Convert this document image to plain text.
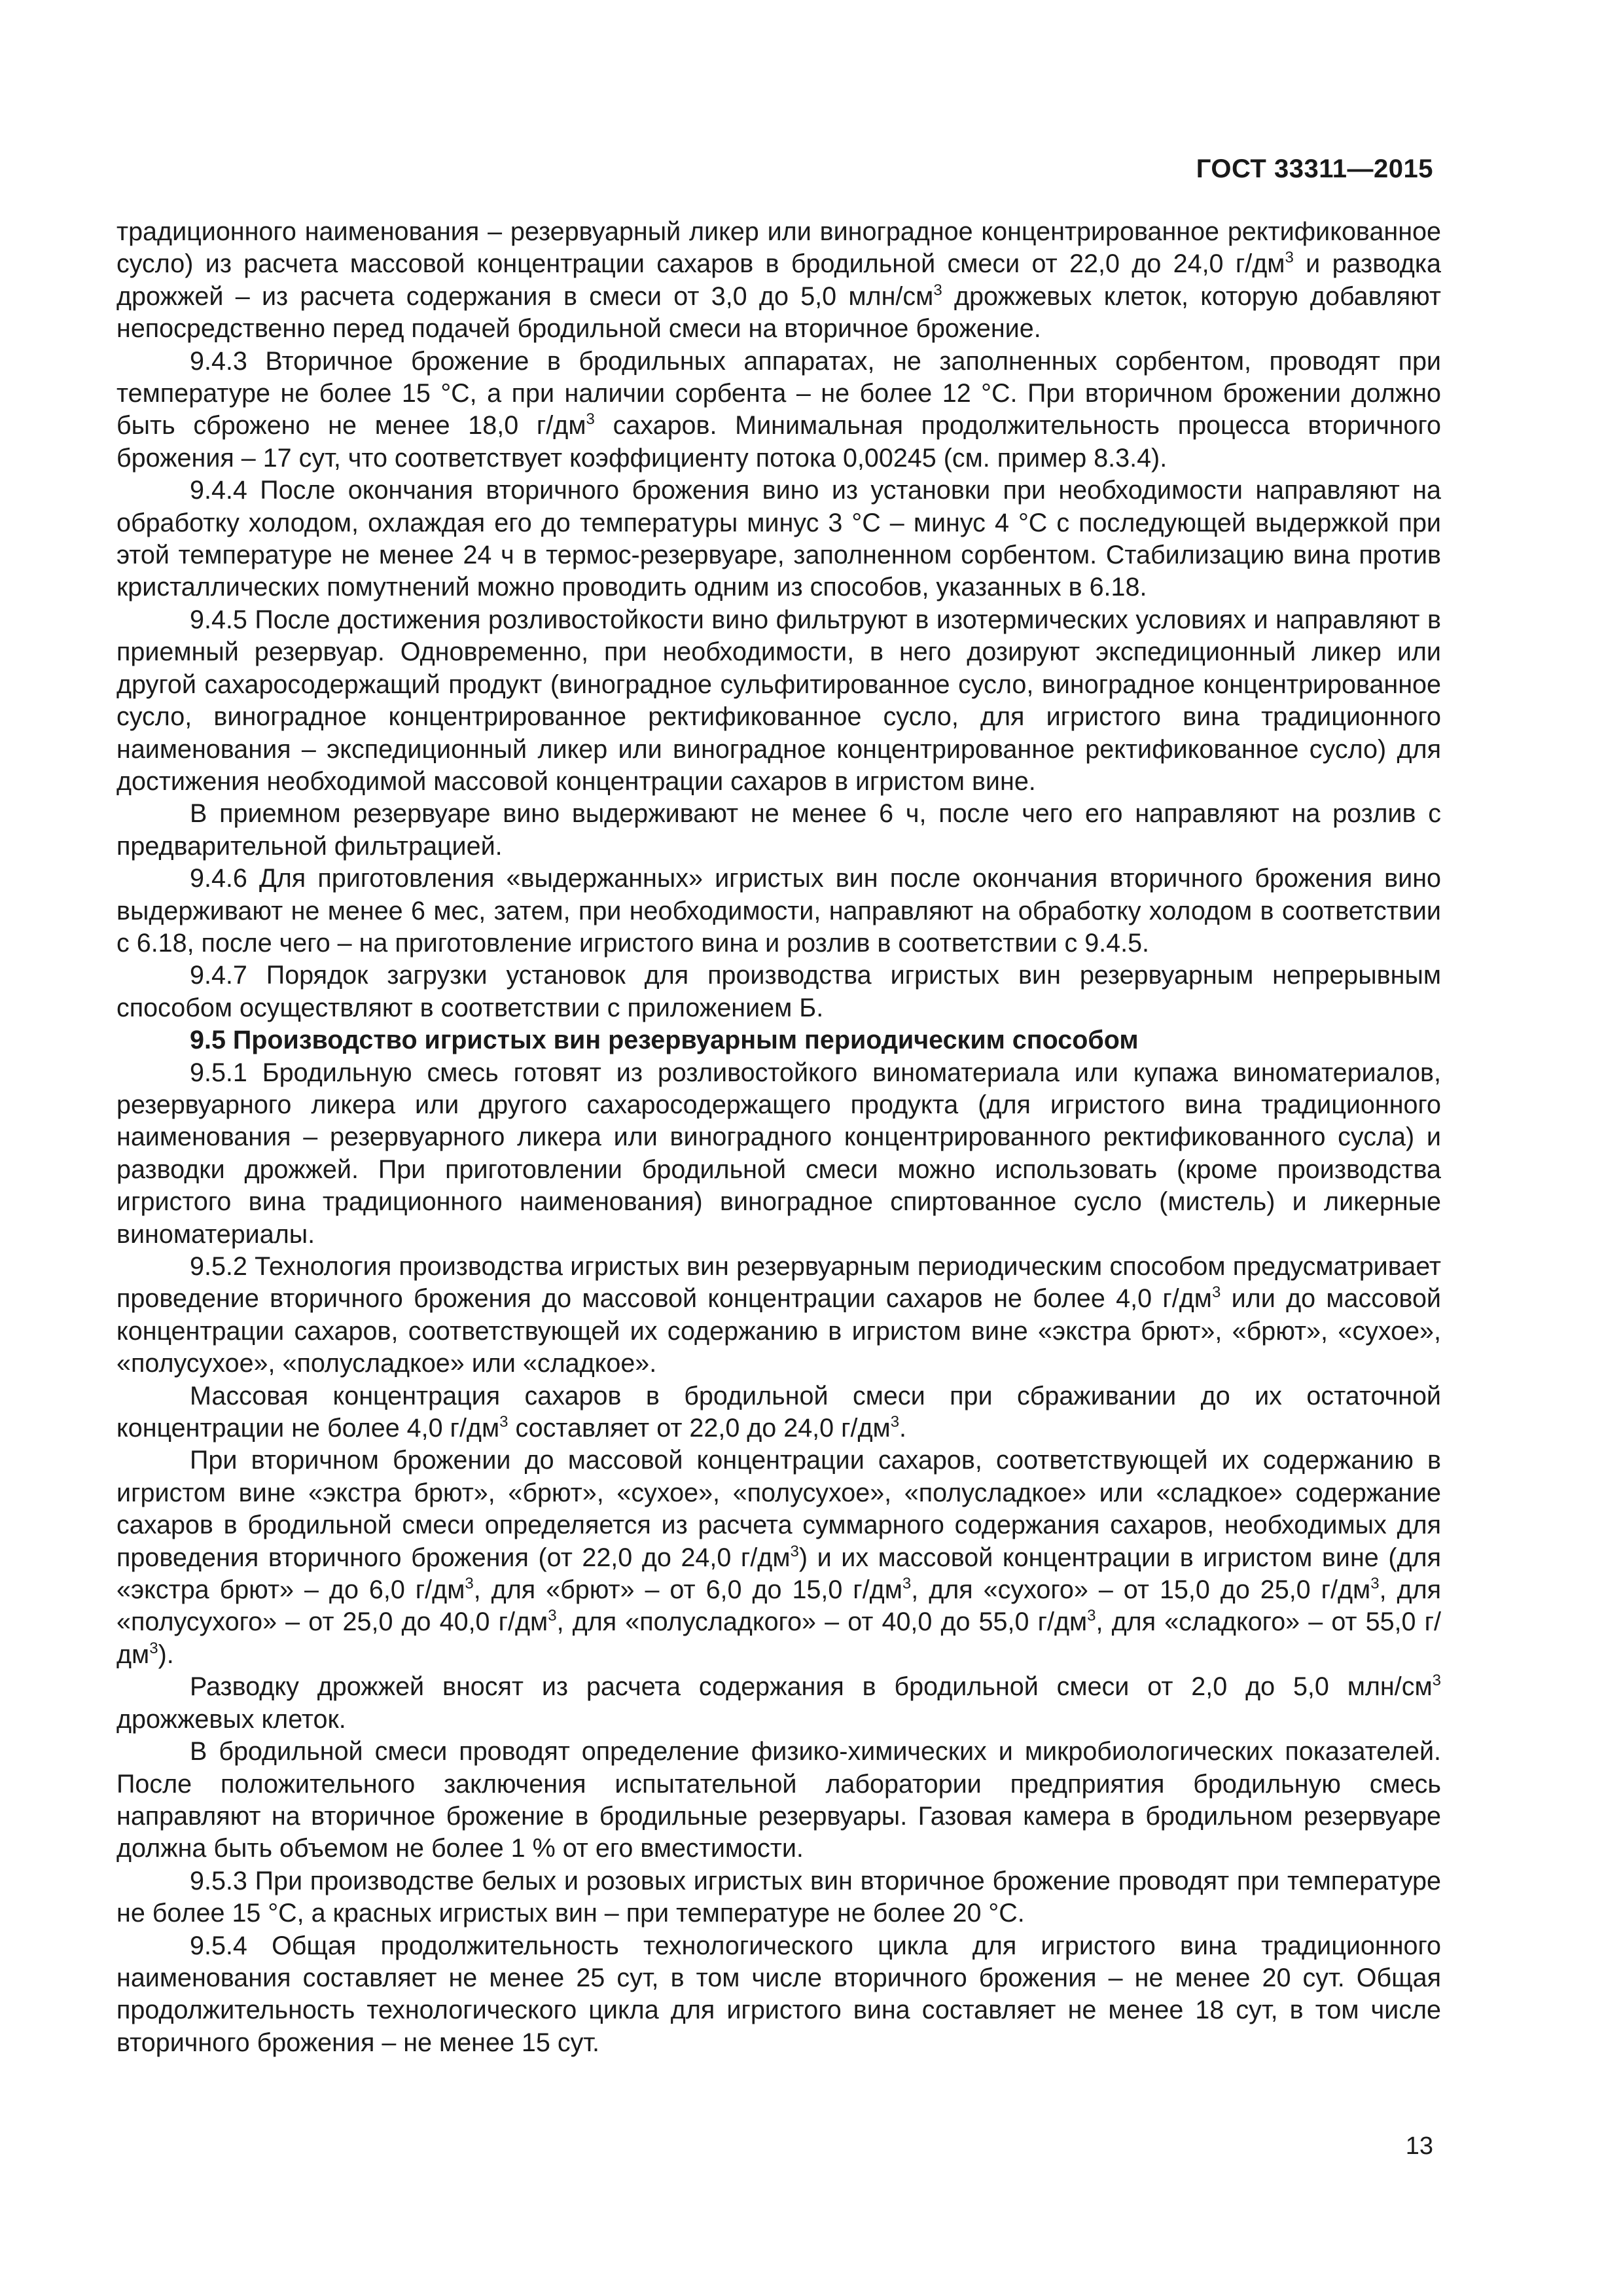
ГОСТ 33311—2015

традиционного наименования – резервуарный ликер или виноградное концентрированное ректификованное сусло) из расчета массовой концентрации сахаров в бродильной смеси от 22,0 до 24,0 $г/дм^3$ и разводка дрожжей – из расчета содержания в смеси от 3,0 до 5,0 млн/$см^3$ дрожжевых клеток, которую добавляют непосредственно перед подачей бродильной смеси на вторичное брожение.

9.4.3 Вторичное брожение в бродильных аппаратах, не заполненных сорбентом, проводят при температуре не более 15 °C, а при наличии сорбента – не более 12 °C. При вторичном брожении должно быть сброжено не менее 18,0 $г/дм^3$ сахаров. Минимальная продолжительность процесса вторичного брожения – 17 сут, что соответствует коэффициенту потока 0,00245 (см. пример 8.3.4).

9.4.4 После окончания вторичного брожения вино из установки при необходимости направляют на обработку холодом, охлаждая его до температуры минус 3 °C – минус 4 °C с последующей выдержкой при этой температуре не менее 24 ч в термос-резервуаре, заполненном сорбентом. Стабилизацию вина против кристаллических помутнений можно проводить одним из способов, указанных в 6.18.

9.4.5 После достижения розливостойкости вино фильтруют в изотермических условиях и направляют в приемный резервуар. Одновременно, при необходимости, в него дозируют экспедиционный ликер или другой сахаросодержащий продукт (виноградное сульфитированное сусло, виноградное концентрированное сусло, виноградное концентрированное ректификованное сусло, для игристого вина традиционного наименования – экспедиционный ликер или виноградное концентрированное ректификованное сусло) для достижения необходимой массовой концентрации сахаров в игристом вине.

В приемном резервуаре вино выдерживают не менее 6 ч, после чего его направляют на розлив с предварительной фильтрацией.

9.4.6 Для приготовления «выдержанных» игристых вин после окончания вторичного брожения вино выдерживают не менее 6 мес, затем, при необходимости, направляют на обработку холодом в соответствии с 6.18, после чего – на приготовление игристого вина и розлив в соответствии с 9.4.5.

9.4.7 Порядок загрузки установок для производства игристых вин резервуарным непрерывным способом осуществляют в соответствии с приложением Б.

9.5 Производство игристых вин резервуарным периодическим способом

9.5.1 Бродильную смесь готовят из розливостойкого виноматериала или купажа виноматериалов, резервуарного ликера или другого сахаросодержащего продукта (для игристого вина традиционного наименования – резервуарного ликера или виноградного концентрированного ректификованного сусла) и разводки дрожжей. При приготовлении бродильной смеси можно использовать (кроме производства игристого вина традиционного наименования) виноградное спиртованное сусло (мистель) и ликерные виноматериалы.

9.5.2 Технология производства игристых вин резервуарным периодическим способом предусматривает проведение вторичного брожения до массовой концентрации сахаров не более 4,0 $г/дм^3$ или до массовой концентрации сахаров, соответствующей их содержанию в игристом вине «экстра брют», «брют», «сухое», «полусухое», «полусладкое» или «сладкое».

Массовая концентрация сахаров в бродильной смеси при сбраживании до их остаточной концентрации не более 4,0 $г/дм^3$ составляет от 22,0 до 24,0 $г/дм^3$.

При вторичном брожении до массовой концентрации сахаров, соответствующей их содержанию в игристом вине «экстра брют», «брют», «сухое», «полусухое», «полусладкое» или «сладкое» содержание сахаров в бродильной смеси определяется из расчета суммарного содержания сахаров, необходимых для проведения вторичного брожения (от 22,0 до 24,0 $г/дм^3$) и их массовой концентрации в игристом вине (для «экстра брют» – до 6,0 $г/дм^3$, для «брют» – от 6,0 до 15,0 $г/дм^3$, для «сухого» – от 15,0 до 25,0 $г/дм^3$, для «полусухого» – от 25,0 до 40,0 $г/дм^3$, для «полусладкого» – от 40,0 до 55,0 $г/дм^3$, для «сладкого» – от 55,0 $г/дм^3$).

Разводку дрожжей вносят из расчета содержания в бродильной смеси от 2,0 до 5,0 млн/$см^3$ дрожжевых клеток.

В бродильной смеси проводят определение физико-химических и микробиологических показателей. После положительного заключения испытательной лаборатории предприятия бродильную смесь направляют на вторичное брожение в бродильные резервуары. Газовая камера в бродильном резервуаре должна быть объемом не более 1 % от его вместимости.

9.5.3 При производстве белых и розовых игристых вин вторичное брожение проводят при температуре не более 15 °C, а красных игристых вин – при температуре не более 20 °C.

9.5.4 Общая продолжительность технологического цикла для игристого вина традиционного наименования составляет не менее 25 сут, в том числе вторичного брожения – не менее 20 сут. Общая продолжительность технологического цикла для игристого вина составляет не менее 18 сут, в том числе вторичного брожения – не менее 15 сут.

13
